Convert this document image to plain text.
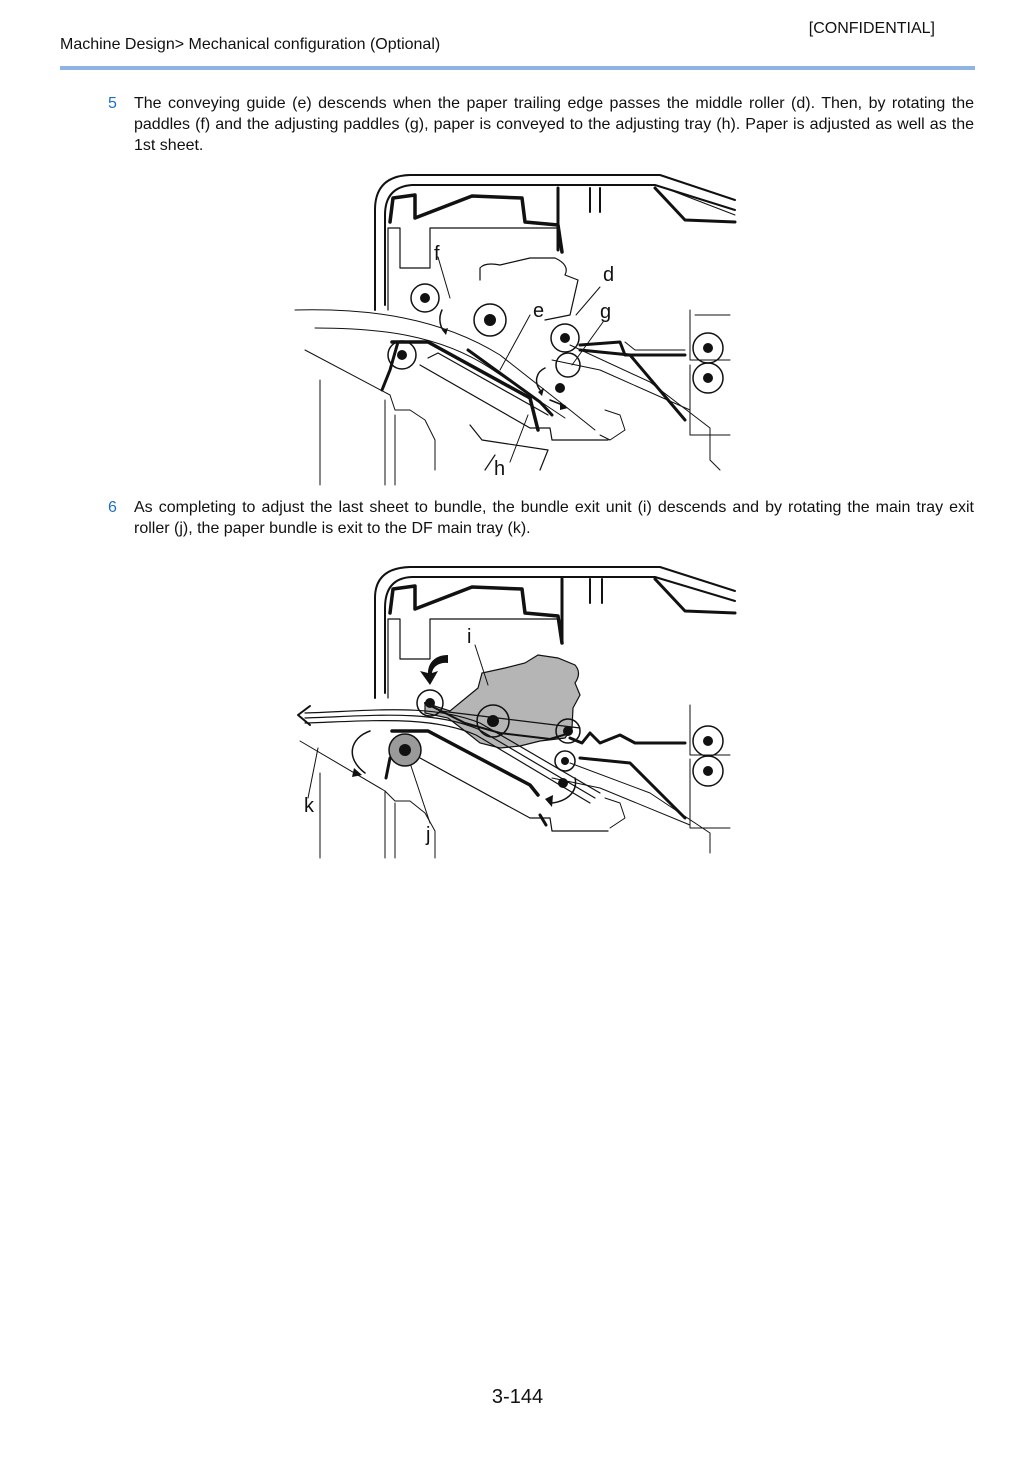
[CONFIDENTIAL]
Machine Design> Mechanical configuration (Optional)
5	The conveying guide (e) descends when the paper trailing edge passes the middle roller (d). Then, by rotating the paddles (f) and the adjusting paddles (g), paper is conveyed to the adjusting tray (h). Paper is adjusted as well as the 1st sheet.
f
d
e	g
h
6	As completing to adjust the last sheet to bundle, the bundle exit unit (i) descends and by rotating the main tray exit roller (j), the paper bundle is exit to the DF main tray (k).
i
j
k
3-144
